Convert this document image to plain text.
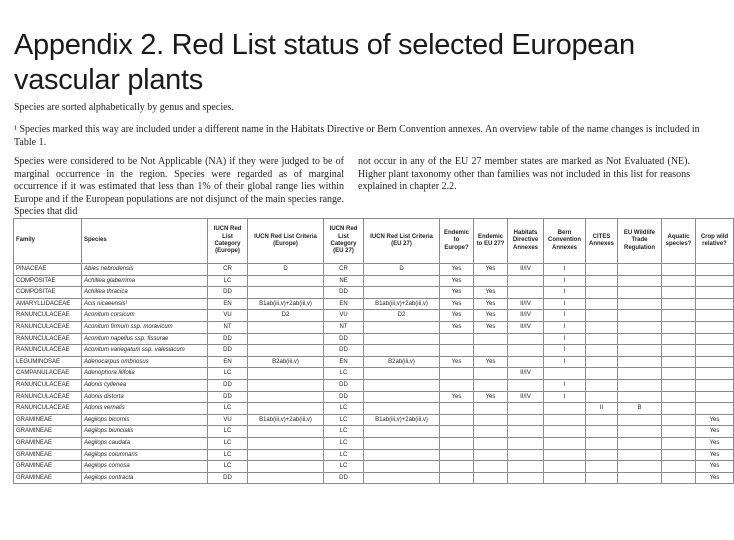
Appendix 2. Red List status of selected European
vascular plants
Species are sorted alphabetically by genus and species.
¹ Species marked this way are included under a different name in the Habitats Directive or Bern Convention annexes. An overview table of the name changes is included in Table 1.
Species were considered to be Not Applicable (NA) if they were judged to be of marginal occurrence in the region. Species were regarded as of marginal occurrence if it was estimated that less than 1% of their global range lies within Europe and if the European populations are not disjunct of the main species range. Species that did
not occur in any of the EU 27 member states are marked as Not Evaluated (NE). Higher plant taxonomy other than families was not included in this list for reasons explained in chapter 2.2.
Family	Species	IUCN Red List Category (Europe)	IUCN Red List Criteria (Europe)	IUCN Red List Category (EU 27)	IUCN Red List Criteria (EU 27)	Endemic to Europe?	Endemic to EU 27?	Habitats Directive Annexes	Bern Convention Annexes	CITES Annexes	EU Wildlife Trade Regulation	Aquatic species?	Crop wild relative?
PINACEAE	Abies nebrodensis	CR	D	CR	D	Yes	Yes	II/IV	I				
COMPOSITAE	Achillea glaberrima	LC		NE		Yes			I				
COMPOSITAE	Achillea thracica	DD		DD		Yes	Yes		I				
AMARYLLIDACEAE	Acis nicaeensis¹	EN	B1ab(iii,v)+2ab(iii,v)	EN	B1ab(iii,v)+2ab(iii,v)	Yes	Yes	II/IV	I				
RANUNCULACEAE	Aconitum corsicum	VU	D2	VU	D2	Yes	Yes	II/IV	I				
RANUNCULACEAE	Aconitum firmum ssp. moravicum	NT		NT		Yes	Yes	II/IV	I				
RANUNCULACEAE	Aconitum napellus ssp. fissurae	DD		DD					I				
RANUNCULACEAE	Aconitum variegatum ssp. valesiacum	DD		DD					I				
LEGUMINOSAE	Adenocarpus ombriosus	EN	B2ab(iii,v)	EN	B2ab(iii,v)	Yes	Yes		I				
CAMPANULACEAE	Adenophora lilifolia	LC		LC				II/IV					
RANUNCULACEAE	Adonis cyllenea	DD		DD					I				
RANUNCULACEAE	Adonis distorta	DD		DD		Yes	Yes	II/IV	I				
RANUNCULACEAE	Adonis vernalis	LC		LC						II	B		
GRAMINEAE	Aegilops bicornis	VU	B1ab(iii,v)+2ab(iii,v)	LC	B1ab(iii,v)+2ab(iii,v)								Yes
GRAMINEAE	Aegilops biuncialis	LC		LC									Yes
GRAMINEAE	Aegilops caudata	LC		LC									Yes
GRAMINEAE	Aegilops columnaris	LC		LC									Yes
GRAMINEAE	Aegilops comosa	LC		LC									Yes
GRAMINEAE	Aegilops contracta	DD		DD									Yes
